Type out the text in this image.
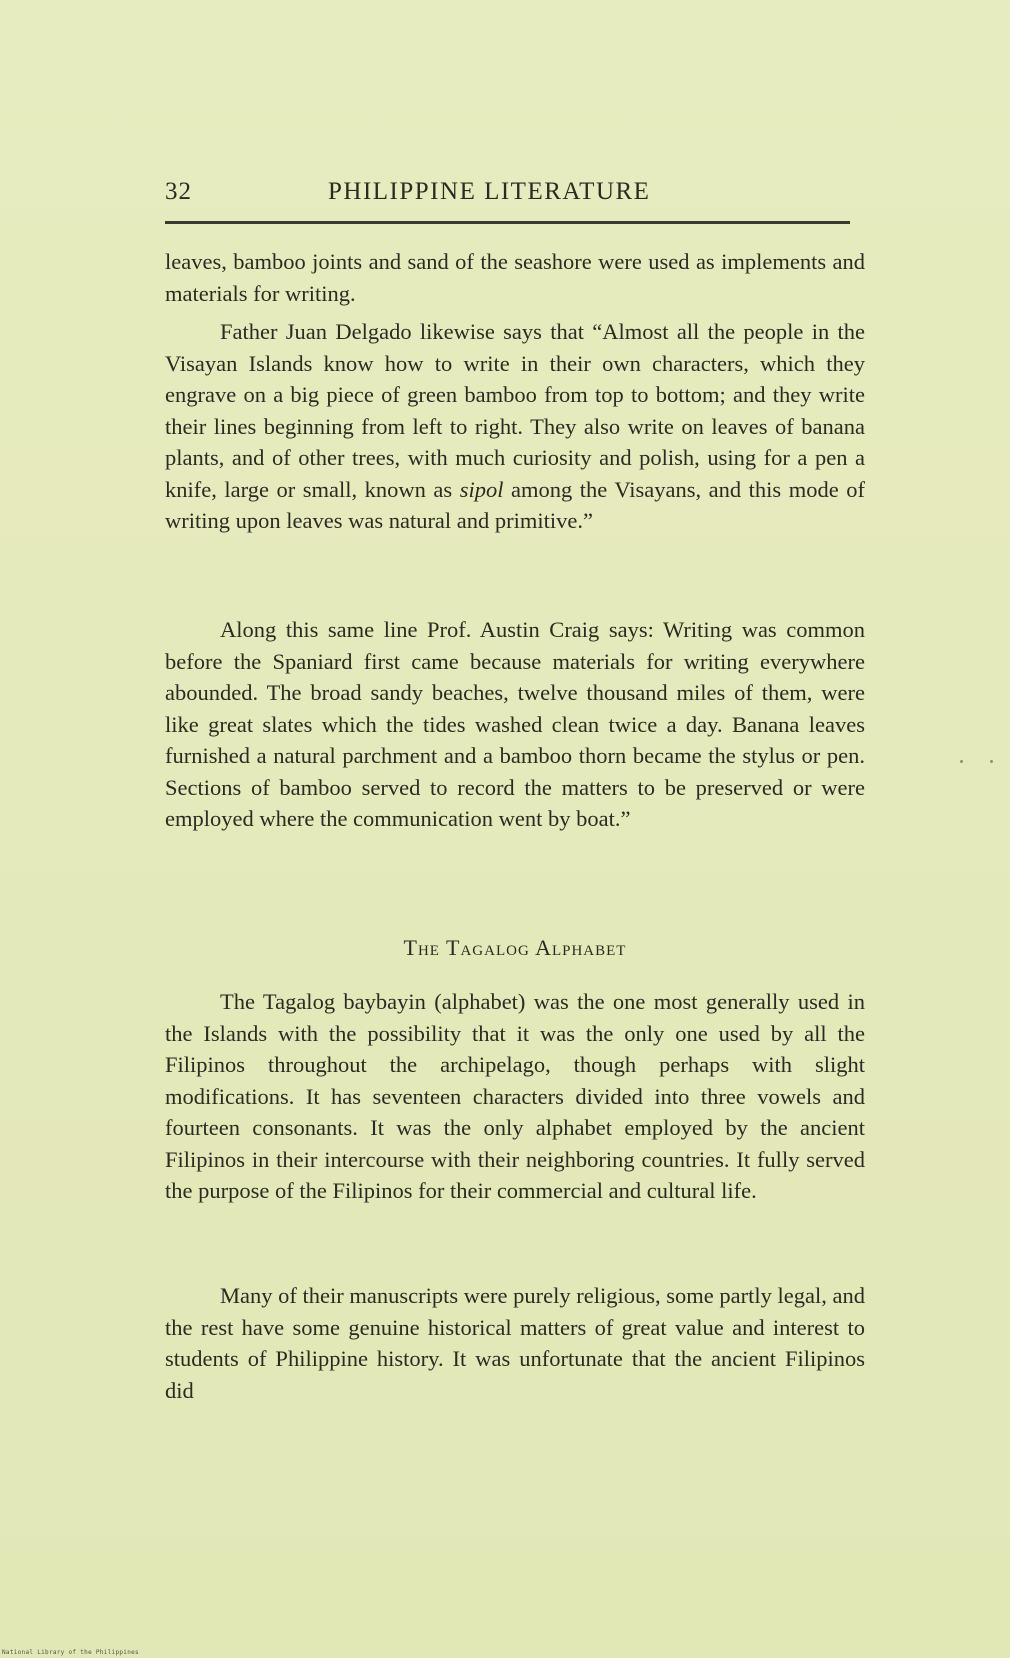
32	PHILIPPINE LITERATURE

leaves, bamboo joints and sand of the seashore were used as implements and materials for writing.

Father Juan Delgado likewise says that “Almost all the people in the Visayan Islands know how to write in their own characters, which they engrave on a big piece of green bamboo from top to bottom; and they write their lines beginning from left to right. They also write on leaves of banana plants, and of other trees, with much curiosity and polish, using for a pen a knife, large or small, known as sipol among the Visayans, and this mode of writing upon leaves was natural and primitive.”

Along this same line Prof. Austin Craig says: Writing was common before the Spaniard first came because materials for writing everywhere abounded. The broad sandy beaches, twelve thousand miles of them, were like great slates which the tides washed clean twice a day. Banana leaves furnished a natural parchment and a bamboo thorn became the stylus or pen. Sections of bamboo served to record the matters to be preserved or were employed where the communication went by boat.”

The Tagalog Alphabet

The Tagalog baybayin (alphabet) was the one most generally used in the Islands with the possibility that it was the only one used by all the Filipinos throughout the archipelago, though perhaps with slight modifications. It has seventeen characters divided into three vowels and fourteen consonants. It was the only alphabet employed by the ancient Filipinos in their intercourse with their neighboring countries. It fully served the purpose of the Filipinos for their commercial and cultural life.

Many of their manuscripts were purely religious, some partly legal, and the rest have some genuine historical matters of great value and interest to students of Philippine history. It was unfortunate that the ancient Filipinos did

National Library of the Philippines
